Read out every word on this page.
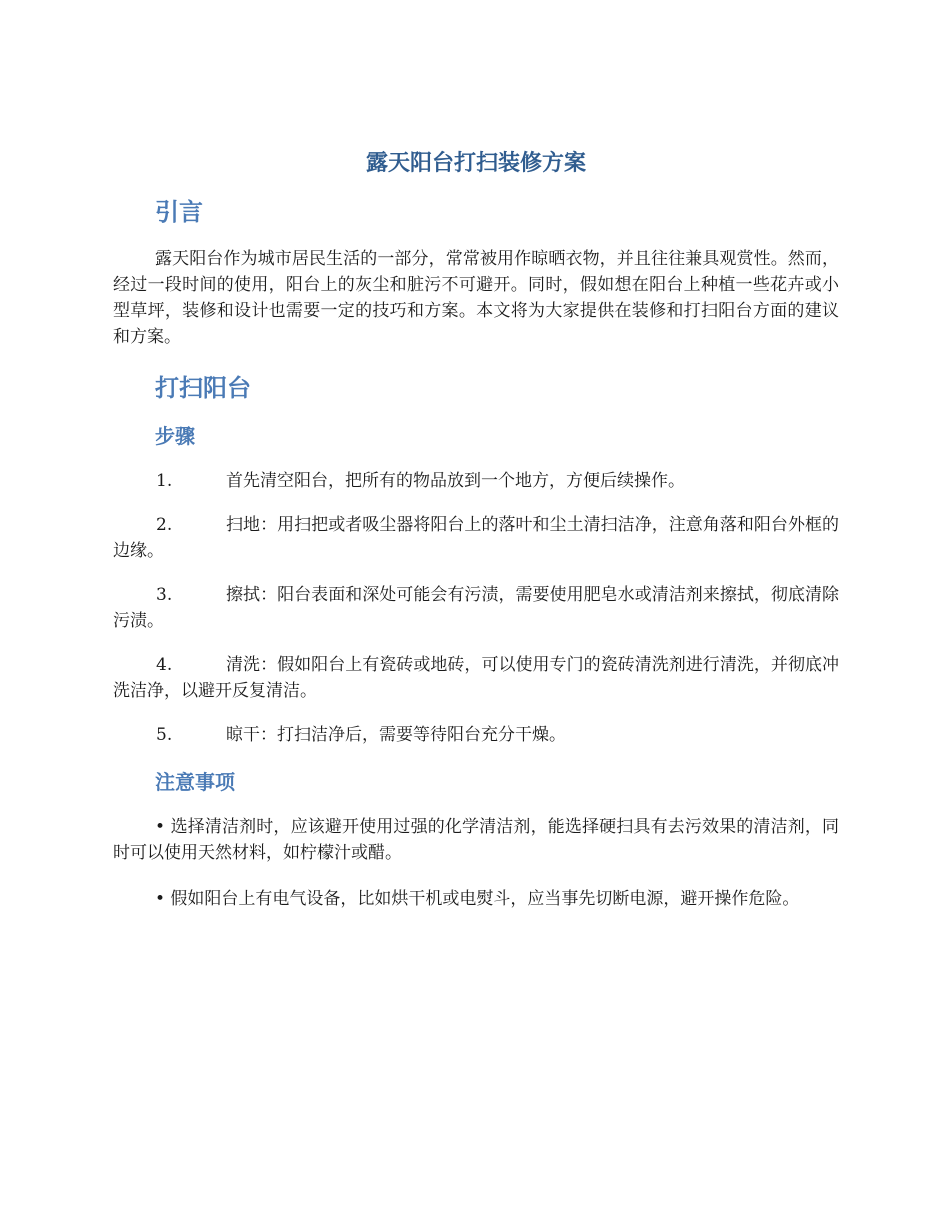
露天阳台打扫装修方案
引言

露天阳台作为城市居民生活的一部分，常常被用作晾晒衣物，并且往往兼具观赏性。然而，经过一段时间的使用，阳台上的灰尘和脏污不可避开。同时，假如想在阳台上种植一些花卉或小型草坪，装修和设计也需要一定的技巧和方案。本文将为大家提供在装修和打扫阳台方面的建议和方案。

打扫阳台
步骤
1.	首先清空阳台，把所有的物品放到一个地方，方便后续操作。
2.	扫地：用扫把或者吸尘器将阳台上的落叶和尘土清扫洁净，注意角落和阳台外框的边缘。
3.	擦拭：阳台表面和深处可能会有污渍，需要使用肥皂水或清洁剂来擦拭，彻底清除污渍。
4.	清洗：假如阳台上有瓷砖或地砖，可以使用专门的瓷砖清洗剂进行清洗，并彻底冲洗洁净，以避开反复清洁。
5.	晾干：打扫洁净后，需要等待阳台充分干燥。
注意事项

• 选择清洁剂时，应该避开使用过强的化学清洁剂，能选择硬扫具有去污效果的清洁剂，同时可以使用天然材料，如柠檬汁或醋。

• 假如阳台上有电气设备，比如烘干机或电熨斗，应当事先切断电源，避开操作危险。
